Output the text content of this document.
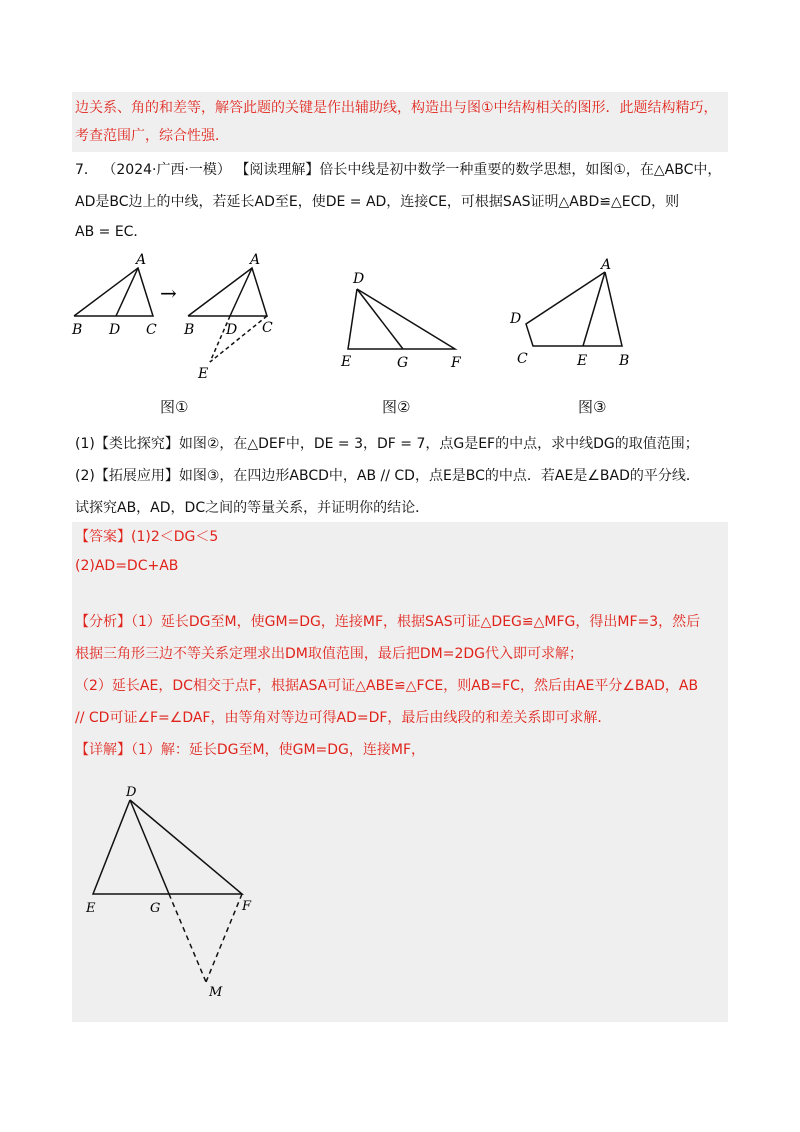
边关系、角的和差等，解答此题的关键是作出辅助线，构造出与图①中结构相关的图形．此题结构精巧，
考查范围广，综合性强．
7． （2024·广西·一模） 【阅读理解】倍长中线是初中数学一种重要的数学思想，如图①，在△ABC中，
AD是BC边上的中线，若延长AD至E，使DE = AD，连接CE，可根据SAS证明△ABD≌△ECD，则
AB = EC．
A
B D C
→
A
B D C
E
图①
D
E	G	F
图②
A
D
C	E B
图③
(1)【类比探究】如图②，在△DEF中，DE = 3，DF = 7，点G是EF的中点，求中线DG的取值范围；
(2)【拓展应用】如图③，在四边形ABCD中，AB // CD，点E是BC的中点．若AE是∠BAD的平分线．
试探究AB，AD，DC之间的等量关系，并证明你的结论．
【答案】(1)2＜DG＜5
(2)AD=DC+AB
【分析】（1）延长DG至M，使GM=DG，连接MF，根据SAS可证△DEG≌△MFG，得出MF=3，然后
根据三角形三边不等关系定理求出DM取值范围，最后把DM=2DG代入即可求解；
（2）延长AE，DC相交于点F，根据ASA可证△ABE≌△FCE，则AB=FC，然后由AE平分∠BAD，AB
// CD可证∠F=∠DAF，由等角对等边可得AD=DF，最后由线段的和差关系即可求解．
【详解】（1）解：延长DG至M，使GM=DG，连接MF，
D
E	G	F
M
